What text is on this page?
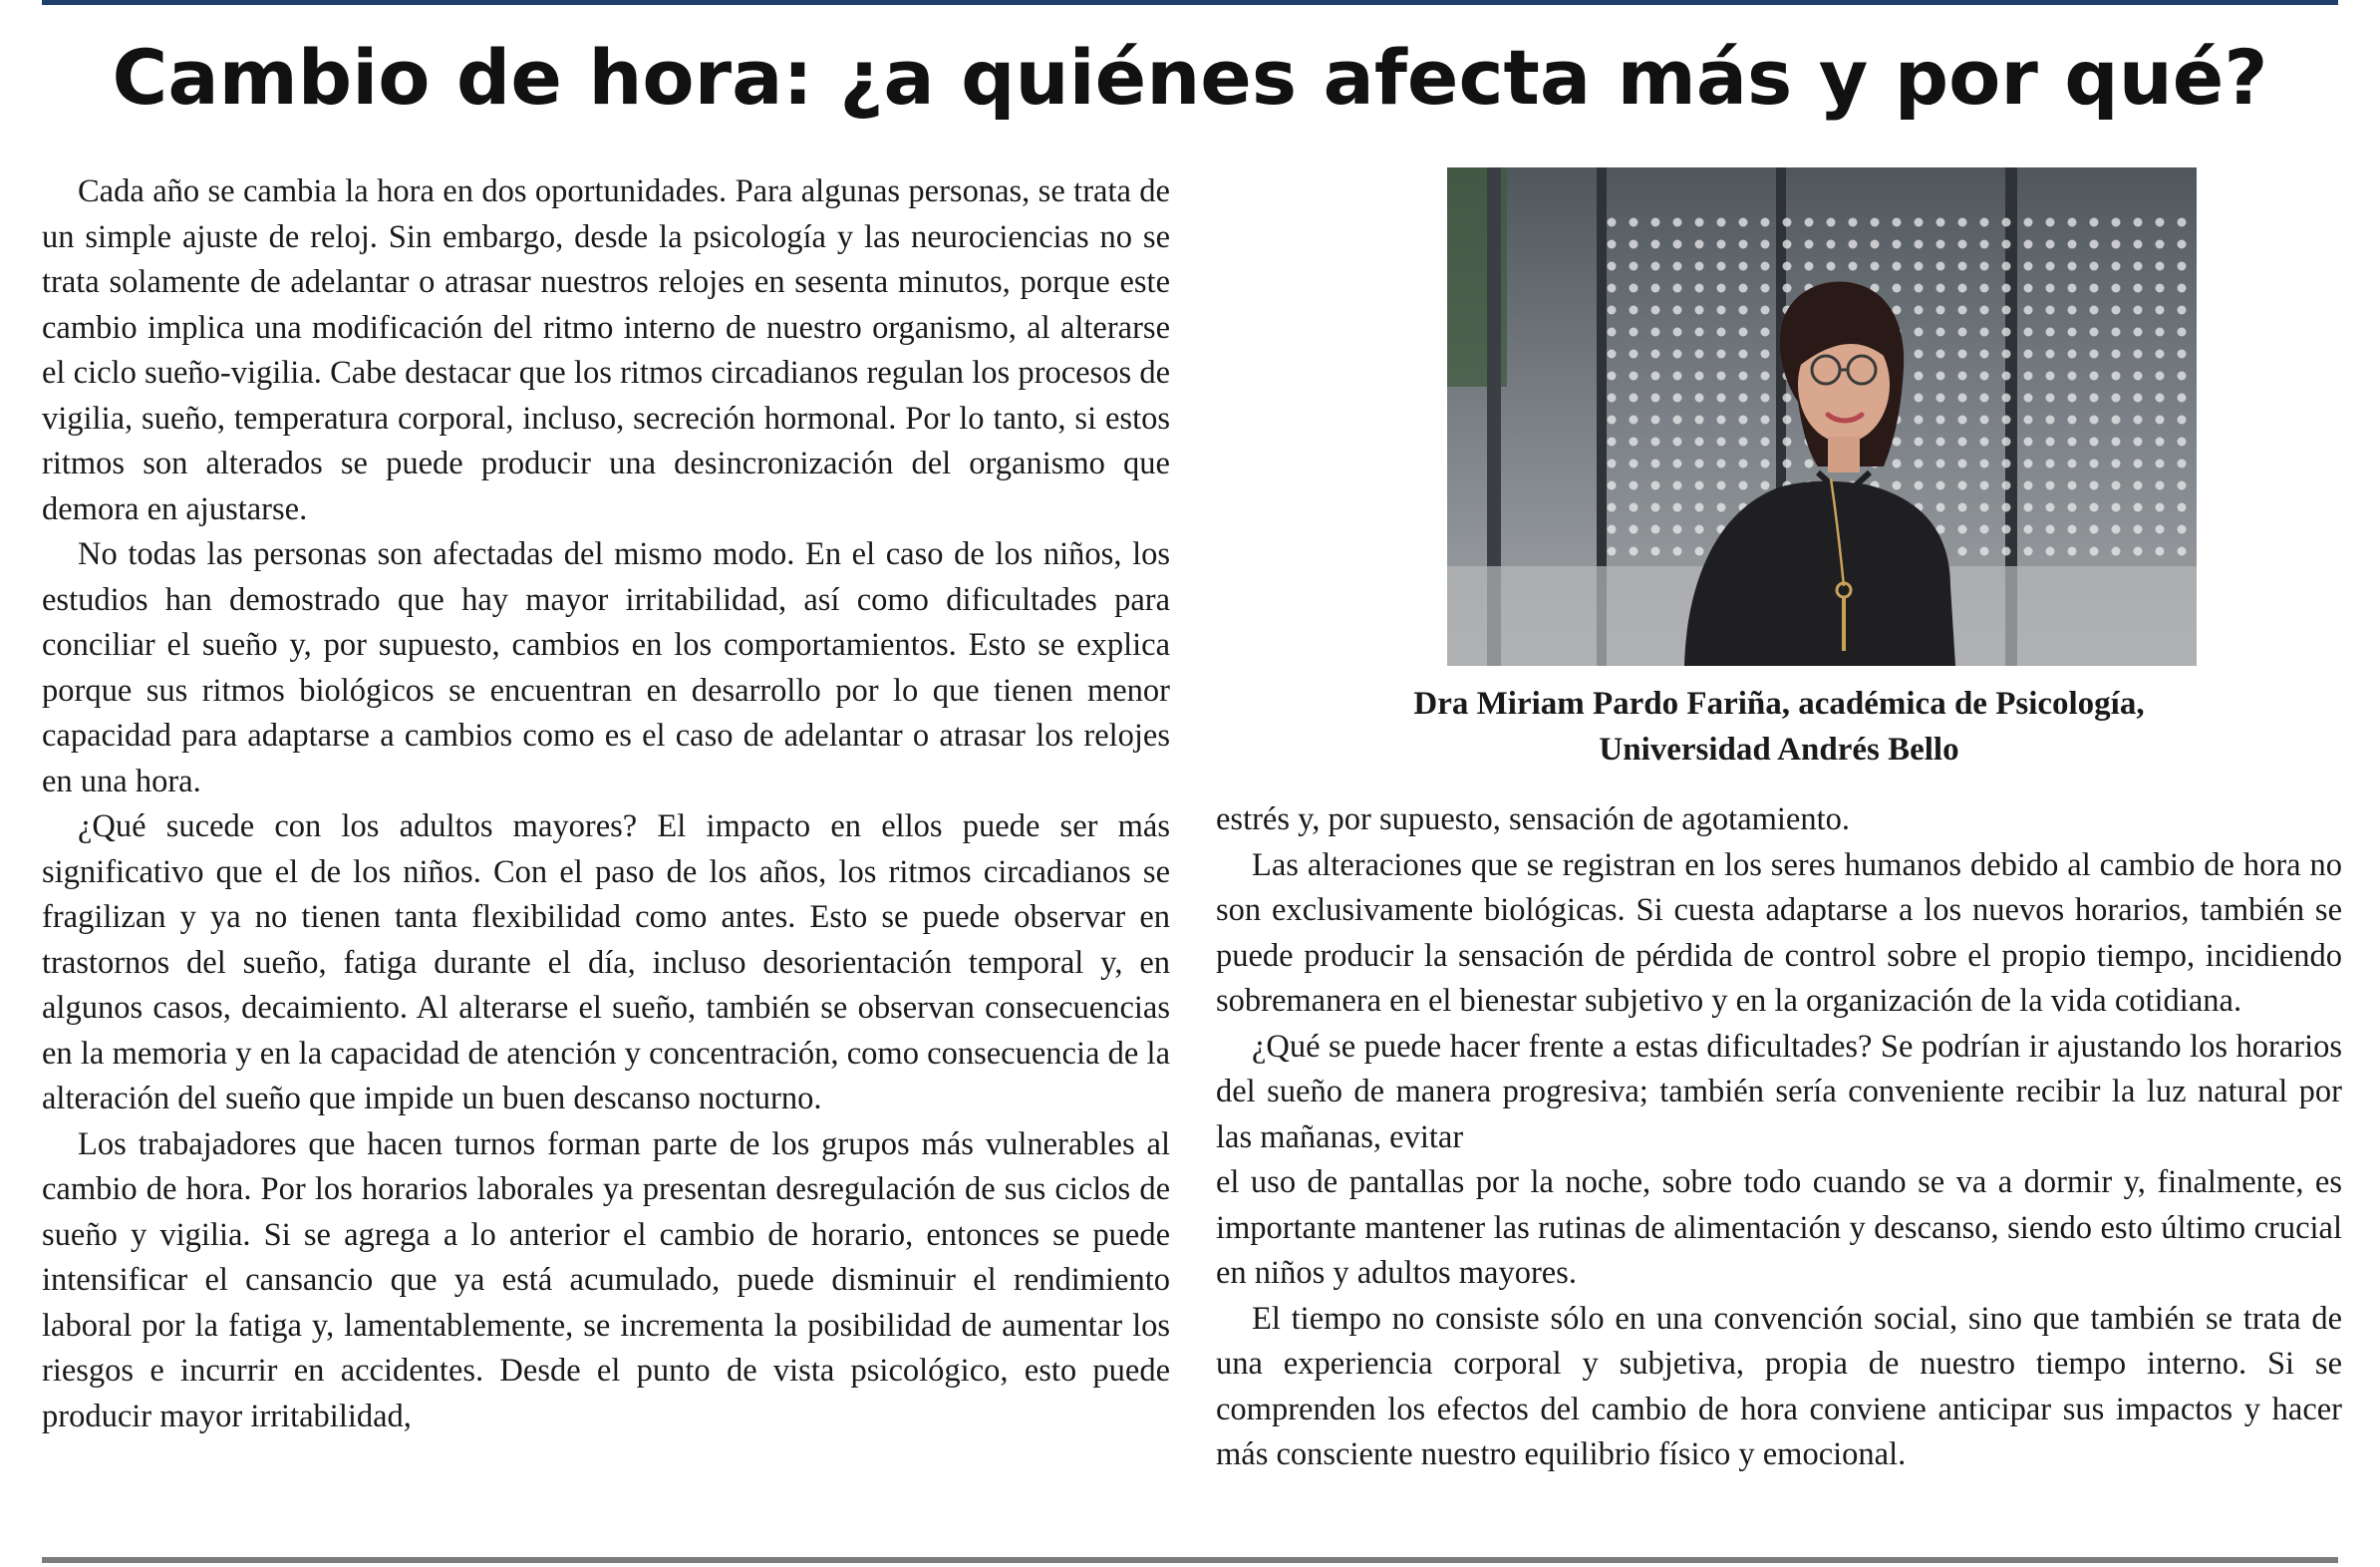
Cambio de hora: ¿a quiénes afecta más y por qué?

Cada año se cambia la hora en dos oportunidades. Para algunas personas, se trata de un simple ajuste de reloj. Sin embargo, desde la psicología y las neurociencias no se trata solamente de adelantar o atrasar nuestros relojes en sesenta minutos, porque este cambio implica una modificación del ritmo interno de nuestro organismo, al alterarse el ciclo sueño-vigilia. Cabe destacar que los ritmos circadianos regulan los procesos de vigilia, sueño, temperatura corporal, incluso, secreción hormonal. Por lo tanto, si estos ritmos son alterados se puede producir una desincronización del organismo que demora en ajustarse.

No todas las personas son afectadas del mismo modo. En el caso de los niños, los estudios han demostrado que hay mayor irritabilidad, así como dificultades para conciliar el sueño y, por supuesto, cambios en los comportamientos. Esto se explica porque sus ritmos biológicos se encuentran en desarrollo por lo que tienen menor capacidad para adaptarse a cambios como es el caso de adelantar o atrasar los relojes en una hora.

¿Qué sucede con los adultos mayores? El impacto en ellos puede ser más significativo que el de los niños. Con el paso de los años, los ritmos circadianos se fragilizan y ya no tienen tanta flexibilidad como antes. Esto se puede observar en trastornos del sueño, fatiga durante el día, incluso desorientación temporal y, en algunos casos, decaimiento. Al alterarse el sueño, también se observan consecuencias en la memoria y en la capacidad de atención y concentración, como consecuencia de la alteración del sueño que impide un buen descanso nocturno.

Los trabajadores que hacen turnos forman parte de los grupos más vulnerables al cambio de hora. Por los horarios laborales ya presentan desregulación de sus ciclos de sueño y vigilia. Si se agrega a lo anterior el cambio de horario, entonces se puede intensificar el cansancio que ya está acumulado, puede disminuir el rendimiento laboral por la fatiga y, lamentablemente, se incrementa la posibilidad de aumentar los riesgos e incurrir en accidentes. Desde el punto de vista psicológico, esto puede producir mayor irritabilidad,

Dra Miriam Pardo Fariña, académica de Psicología,
Universidad Andrés Bello

estrés y, por supuesto, sensación de agotamiento.

Las alteraciones que se registran en los seres humanos debido al cambio de hora no son exclusivamente biológicas. Si cuesta adaptarse a los nuevos horarios, también se puede producir la sensación de pérdida de control sobre el propio tiempo, incidiendo sobremanera en el bienestar subjetivo y en la organización de la vida cotidiana.

¿Qué se puede hacer frente a estas dificultades? Se podrían ir ajustando los horarios del sueño de manera progresiva; también sería conveniente recibir la luz natural por las mañanas, evitar

el uso de pantallas por la noche, sobre todo cuando se va a dormir y, finalmente, es importante mantener las rutinas de alimentación y descanso, siendo esto último crucial en niños y adultos mayores.

El tiempo no consiste sólo en una convención social, sino que también se trata de una experiencia corporal y subjetiva, propia de nuestro tiempo interno. Si se comprenden los efectos del cambio de hora conviene anticipar sus impactos y hacer más consciente nuestro equilibrio físico y emocional.
